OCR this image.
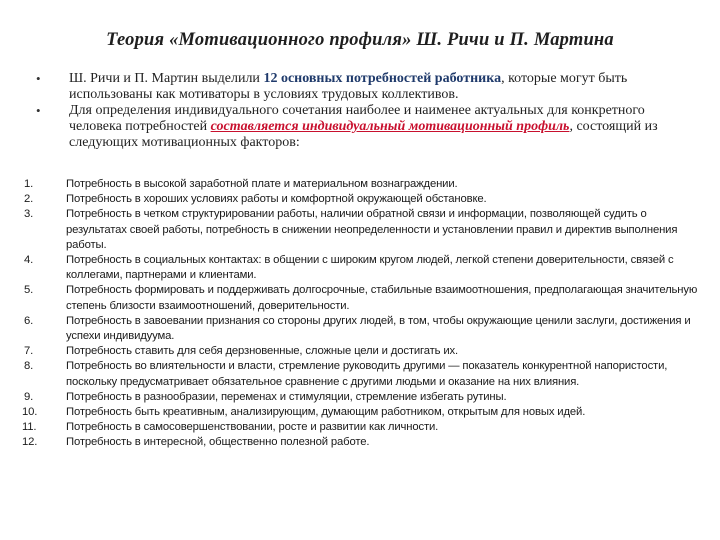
Теория «Мотивационного профиля» Ш. Ричи и П. Мартина
•	Ш. Ричи и П. Мартин выделили 12 основных потребностей работника, которые могут быть использованы как мотиваторы в условиях трудовых коллективов.
•	Для определения индивидуального сочетания наиболее и наименее актуальных для конкретного человека потребностей составляется индивидуальный мотивационный профиль, состоящий из следующих мотивационных факторов:
1.	Потребность в высокой заработной плате и материальном вознаграждении.
2.	Потребность в хороших условиях работы и комфортной окружающей обстановке.
3.	Потребность в четком структурировании работы, наличии обратной связи и информации, позволяющей судить о результатах своей работы, потребность в снижении неопределенности и установлении правил и директив выполнения работы.
4.	Потребность в социальных контактах: в общении с широким кругом людей, легкой степени доверительности, связей с коллегами, партнерами и клиентами.
5.	Потребность формировать и поддерживать долгосрочные, стабильные взаимоотношения, предполагающая значительную степень близости взаимоотношений, доверительности.
6.	Потребность в завоевании признания со стороны других людей, в том, чтобы окружающие ценили заслуги, достижения и успехи индивидуума.
7.	Потребность ставить для себя дерзновенные, сложные цели и достигать их.
8.	Потребность во влиятельности и власти, стремление руководить другими — показатель конкурентной напористости, поскольку предусматривает обязательное сравнение с другими людьми и оказание на них влияния.
9.	Потребность в разнообразии, переменах и стимуляции, стремление избегать рутины.
10.	Потребность быть креативным, анализирующим, думающим работником, открытым для новых идей.
11.	Потребность в самосовершенствовании, росте и развитии как личности.
12.	Потребность в интересной, общественно полезной работе.
